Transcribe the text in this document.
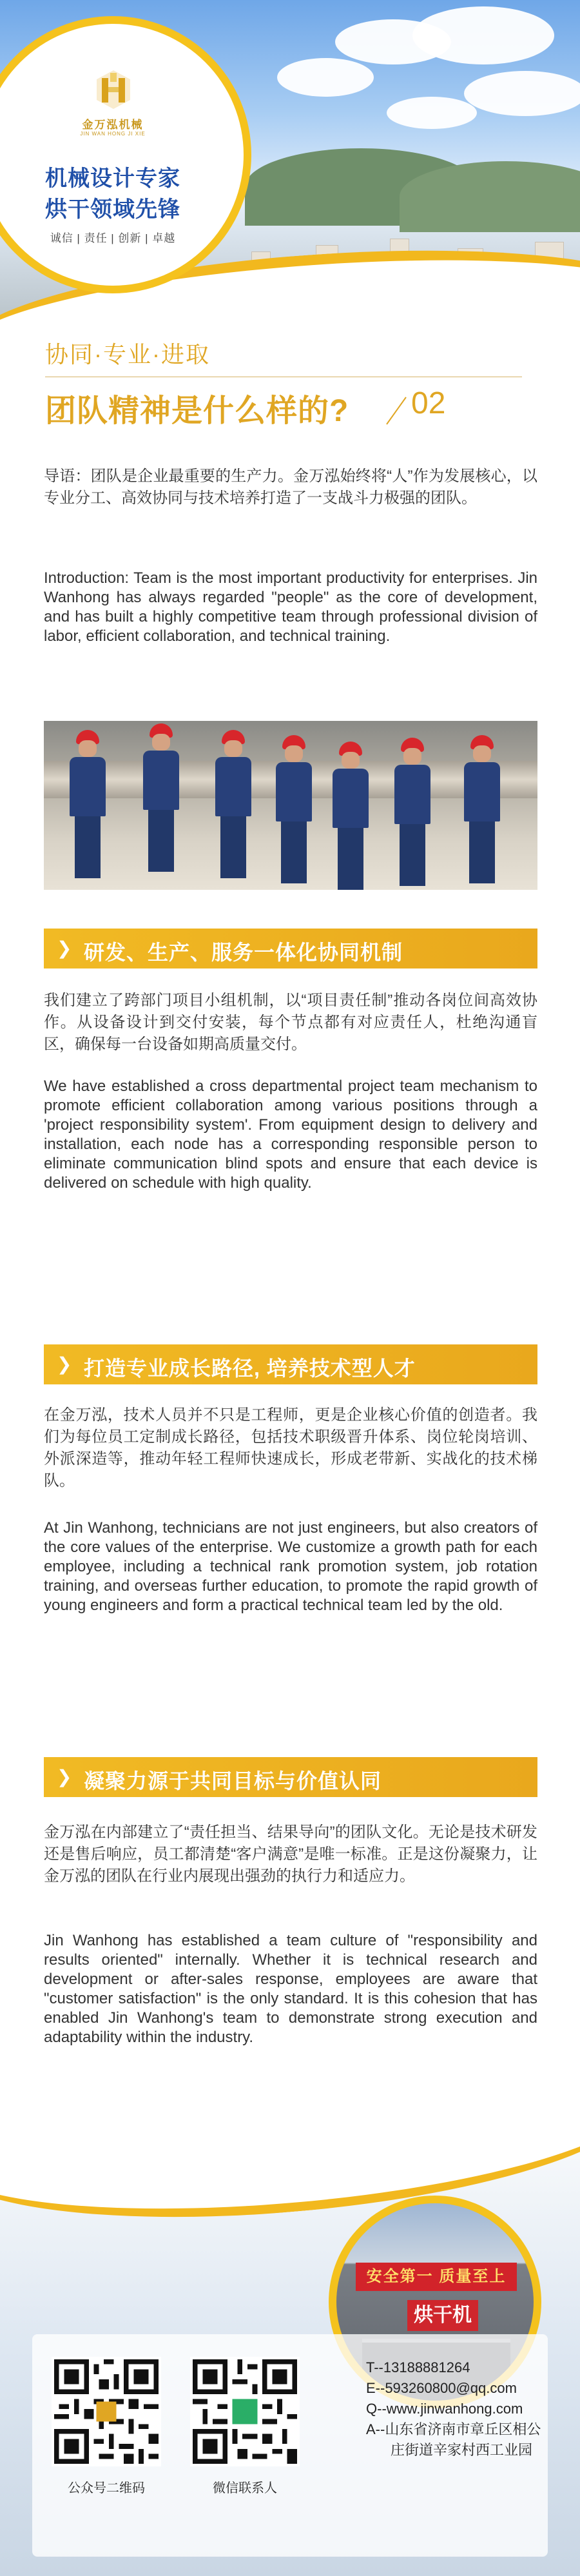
金万泓机械
JIN WAN HONG JI XIE
机械设计专家
烘干领域先锋
诚信 | 责任 | 创新 | 卓越
协同·专业·进取
团队精神是什么样的? 02

导语：团队是企业最重要的生产力。金万泓始终将“人”作为发展核心，以专业分工、高效协同与技术培养打造了一支战斗力极强的团队。

Introduction: Team is the most important productivity for enterprises. Jin Wanhong has always regarded "people" as the core of development, and has built a highly competitive team through professional division of labor, efficient collaboration, and technical training.

❯ 研发、生产、服务一体化协同机制

我们建立了跨部门项目小组机制，以“项目责任制”推动各岗位间高效协作。从设备设计到交付安装，每个节点都有对应责任人，杜绝沟通盲区，确保每一台设备如期高质量交付。

We have established a cross departmental project team mechanism to promote efficient collaboration among various positions through a 'project responsibility system'. From equipment design to delivery and installation, each node has a corresponding responsible person to eliminate communication blind spots and ensure that each device is delivered on schedule with high quality.

❯ 打造专业成长路径, 培养技术型人才

在金万泓，技术人员并不只是工程师，更是企业核心价值的创造者。我们为每位员工定制成长路径，包括技术职级晋升体系、岗位轮岗培训、外派深造等，推动年轻工程师快速成长，形成老带新、实战化的技术梯队。

At Jin Wanhong, technicians are not just engineers, but also creators of the core values of the enterprise. We customize a growth path for each employee, including a technical rank promotion system, job rotation training, and overseas further education, to promote the rapid growth of young engineers and form a practical technical team led by the old.

❯ 凝聚力源于共同目标与价值认同

金万泓在内部建立了“责任担当、结果导向”的团队文化。无论是技术研发还是售后响应，员工都清楚“客户满意”是唯一标准。正是这份凝聚力，让金万泓的团队在行业内展现出强劲的执行力和适应力。

Jin Wanhong has established a team culture of "responsibility and results oriented" internally. Whether it is technical research and development or after-sales response, employees are aware that "customer satisfaction" is the only standard. It is this cohesion that has enabled Jin Wanhong's team to demonstrate strong execution and adaptability within the industry.

安全第一 质量至上
烘干机
公众号二维码	微信联系人
T--13188881264
E--593260800@qq.com
Q--www.jinwanhong.com
A--山东省济南市章丘区相公
庄街道辛家村西工业园
